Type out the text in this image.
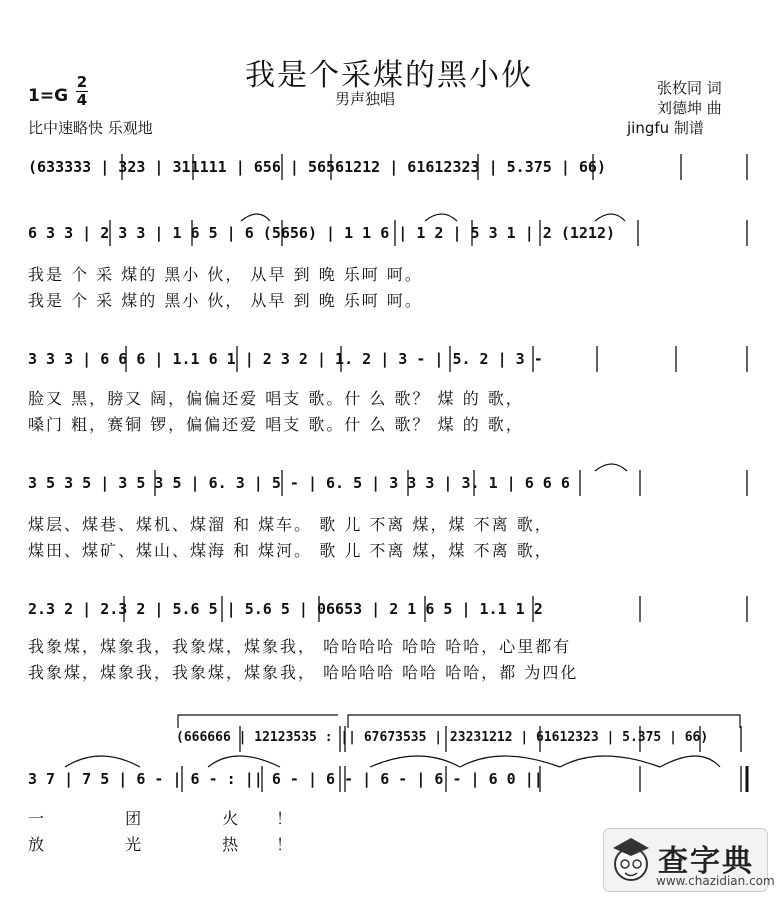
我是个采煤的黑小伙
男声独唱
1=G
2
4
比中速略快 乐观地
张枚同 词
刘德坤 曲
jingfu 制谱
(633333 | 323 | 311111 | 656 | 56561212 | 61612323 | 5.375 | 66)
6 3 3 | 2 3 3 | 1 6 5 | 6 (5656) | 1 1 6 | 1 2 | 5 3 1 | 2 (1212)
我是 个 采 煤的 黑小 伙， 从早 到 晚 乐呵 呵。
我是 个 采 煤的 黑小 伙， 从早 到 晚 乐呵 呵。
3 3 3 | 6 6 6 | 1.1 6 1 | 2 3 2 | 1. 2 | 3 - | 5. 2 | 3 -
脸又 黑，膀又 阔，偏偏还爱 唱支 歌。什 么 歌？ 煤 的 歌，
嗓门 粗，赛铜 锣，偏偏还爱 唱支 歌。什 么 歌？ 煤 的 歌，
3 5 3 5 | 3 5 3 5 | 6. 3 | 5 - | 6. 5 | 3 3 3 | 3. 1 | 6 6 6
煤层、煤巷、煤机、煤溜 和 煤车。 歌 儿 不离 煤，煤 不离 歌，
煤田、煤矿、煤山、煤海 和 煤河。 歌 儿 不离 煤，煤 不离 歌，
2.3 2 | 2.3 2 | 5.6 5 | 5.6 5 | 06653 | 2 1 6 5 | 1.1 1 2
我象煤，煤象我，我象煤，煤象我， 哈哈哈哈 哈哈 哈哈，心里都有
我象煤，煤象我，我象煤，煤象我， 哈哈哈哈 哈哈 哈哈，都 为四化
(666666 | 12123535 : || 67673535 | 23231212 | 61612323 | 5.375 | 66)
3 7 | 7 5 | 6 - | 6 - : || 6 - | 6 - | 6 - | 6 - | 6 0 ||
一 团 火！
放 光 热！	查字典
www.chazidian.com
